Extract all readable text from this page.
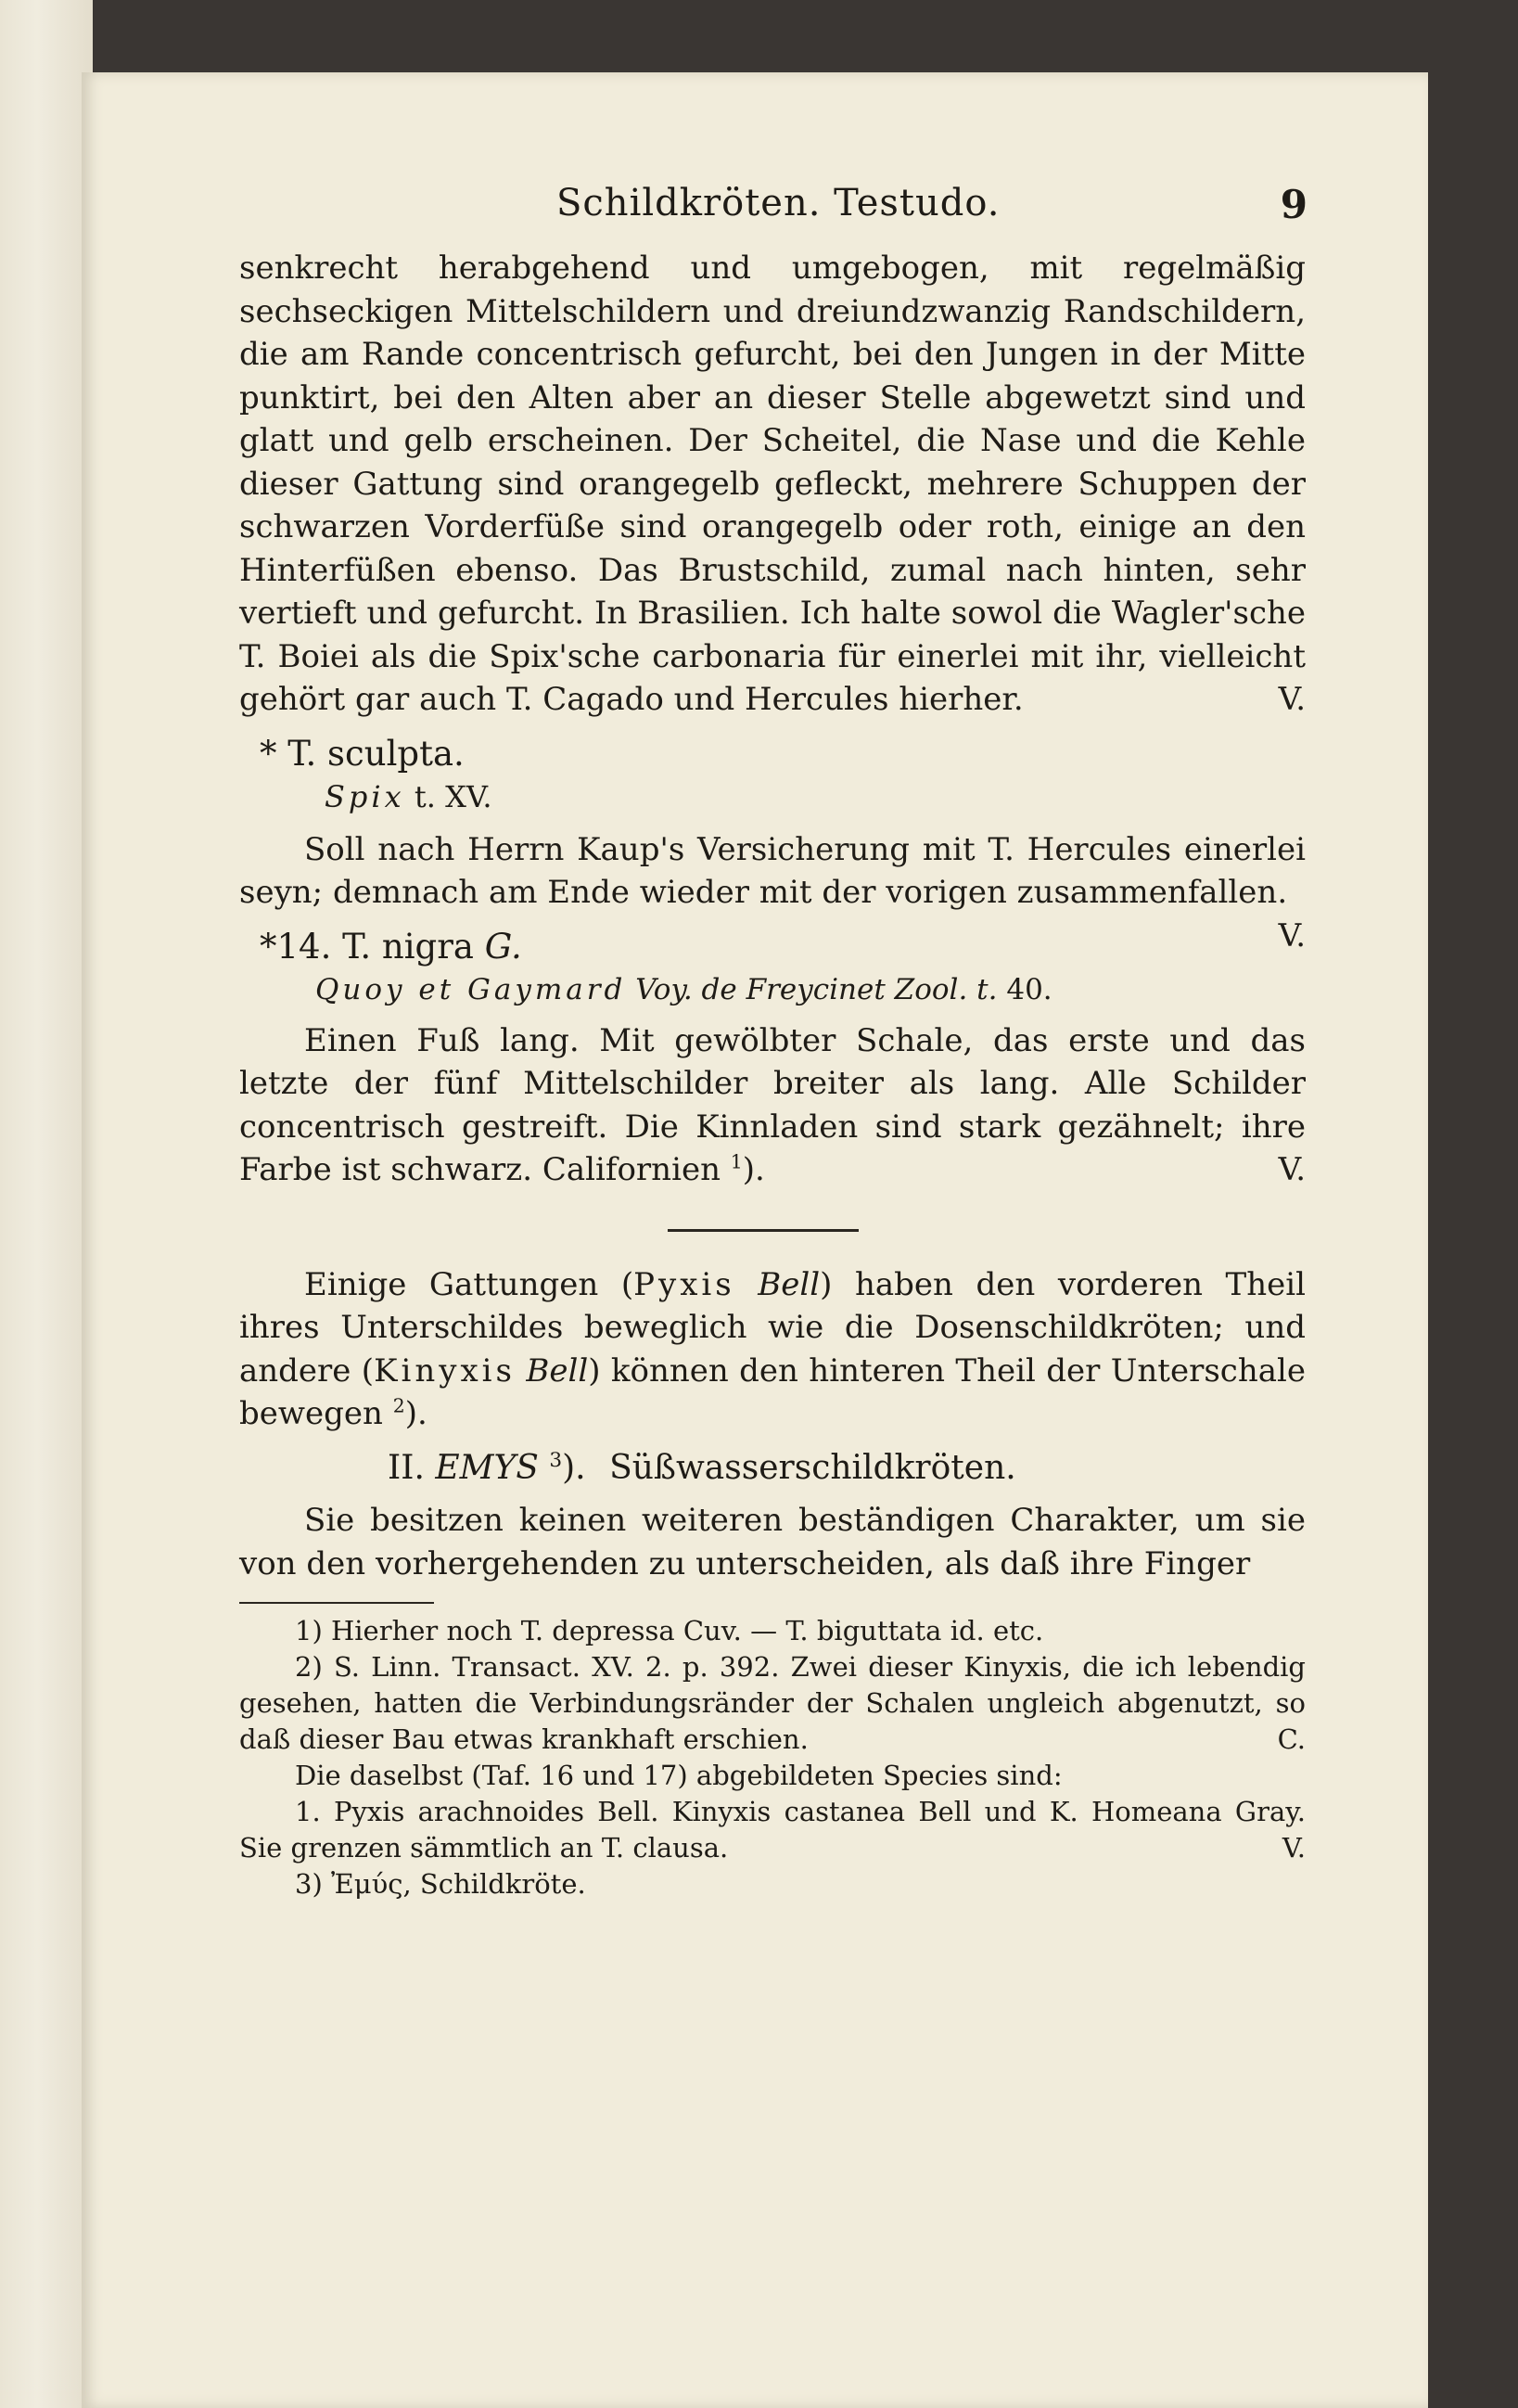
Schildkröten. Testudo.	9

senkrecht herabgehend und umgebogen, mit regelmäßig sechseckigen Mittelschildern und dreiundzwanzig Randschildern, die am Rande concentrisch gefurcht, bei den Jungen in der Mitte punktirt, bei den Alten aber an dieser Stelle abgewetzt sind und glatt und gelb erscheinen. Der Scheitel, die Nase und die Kehle dieser Gattung sind orangegelb gefleckt, mehrere Schuppen der schwarzen Vorderfüße sind orangegelb oder roth, einige an den Hinterfüßen ebenso. Das Brustschild, zumal nach hinten, sehr vertieft und gefurcht. In Brasilien. Ich halte sowol die Wagler'sche T. Boiei als die Spix'sche carbonaria für einerlei mit ihr, vielleicht gehört gar auch T. Cagado und Hercules hierher.	V.

* T. sculpta.
Spix t. XV.

Soll nach Herrn Kaup's Versicherung mit T. Hercules einerlei seyn; demnach am Ende wieder mit der vorigen zusammenfallen.
V.

*14. T. nigra G.
Quoy et Gaymard Voy. de Freycinet Zool. t. 40.

Einen Fuß lang. Mit gewölbter Schale, das erste und das letzte der fünf Mittelschilder breiter als lang. Alle Schilder concentrisch gestreift. Die Kinnladen sind stark gezähnelt; ihre Farbe ist schwarz. Californien $^1$).	V.

Einige Gattungen (Pyxis Bell) haben den vorderen Theil ihres Unterschildes beweglich wie die Dosenschildkröten; und andere (Kinyxis Bell) können den hinteren Theil der Unterschale bewegen $^2$).

II. EMYS $^3$). Süßwasserschildkröten.

Sie besitzen keinen weiteren beständigen Charakter, um sie von den vorhergehenden zu unterscheiden, als daß ihre Finger

1) Hierher noch T. depressa Cuv. — T. biguttata id. etc.

2) S. Linn. Transact. XV. 2. p. 392. Zwei dieser Kinyxis, die ich lebendig gesehen, hatten die Verbindungsränder der Schalen ungleich abgenutzt, so daß dieser Bau etwas krankhaft erschien.	C.

Die daselbst (Taf. 16 und 17) abgebildeten Species sind:

1. Pyxis arachnoides Bell. Kinyxis castanea Bell und K. Homeana Gray. Sie grenzen sämmtlich an T. clausa.	V.

3) Ἐμύς, Schildkröte.
